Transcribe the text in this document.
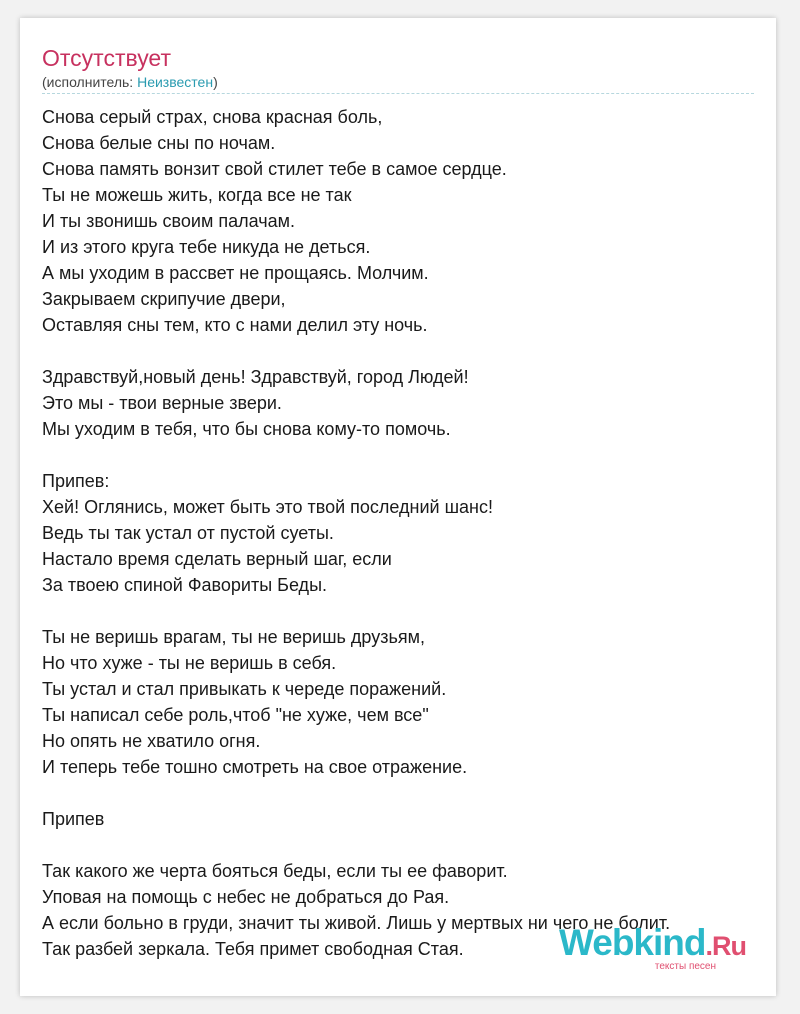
Отсутствует
(исполнитель: Неизвестен)
Снова серый страх, снова красная боль,
Снова белые сны по ночам.
Снова память вонзит свой стилет тебе в самое сердце.
Ты не можешь жить, когда все не так
И ты звонишь своим палачам.
И из этого круга тебе никуда не деться.
А мы уходим в рассвет не прощаясь. Молчим.
Закрываем скрипучие двери,
Оставляя сны тем, кто с нами делил эту ночь.
Здравствуй,новый день! Здравствуй, город Людей!
Это мы - твои верные звери.
Мы уходим в тебя, что бы снова кому-то помочь.
Припев:
Хей! Оглянись, может быть это твой последний шанс!
Ведь ты так устал от пустой суеты.
Настало время сделать верный шаг, если
За твоею спиной Фавориты Беды.
Ты не веришь врагам, ты не веришь друзьям,
Но что хуже - ты не веришь в себя.
Ты устал и стал привыкать к череде поражений.
Ты написал себе роль,чтоб "не хуже, чем все"
Но опять не хватило огня.
И теперь тебе тошно смотреть на свое отражение.
Припев
Так какого же черта бояться беды, если ты ее фаворит.
Уповая на помощь с небес не добраться до Рая.
А если больно в груди, значит ты живой. Лишь у мертвых ни чего не болит.
Так разбей зеркала. Тебя примет свободная Стая.	Webkind.Ru
тексты песен
